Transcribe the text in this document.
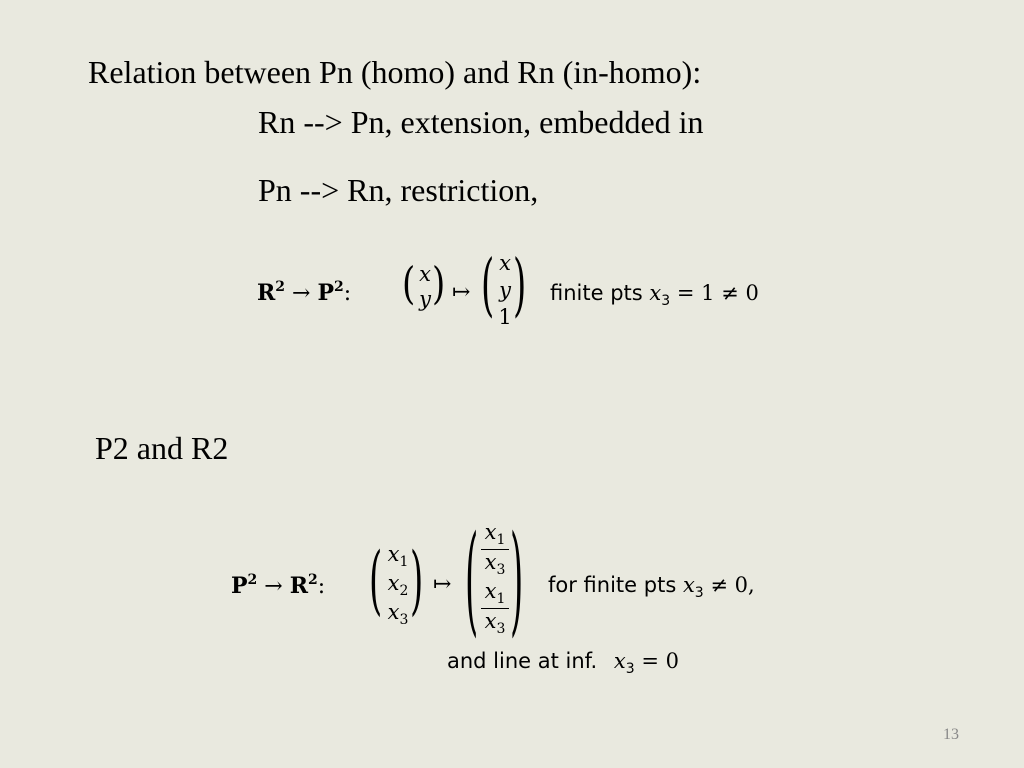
Relation between Pn (homo) and Rn (in-homo):
Rn --> Pn, extension, embedded in
Pn --> Rn, restriction,
P2 and R2
$R^2 \to P^2$: ( x
y ) ↦ ( x
y
1 ) finite pts $x_3 = 1 \ne 0$
$P^2 \to R^2$: ( $x_1$
$x_2$
$x_3$ ) ↦ ( $\frac{x_1}{x_3}$
$\frac{x_1}{x_3}$ ) for finite pts $x_3 \ne 0$,
and line at inf. $x_3 = 0$
13
